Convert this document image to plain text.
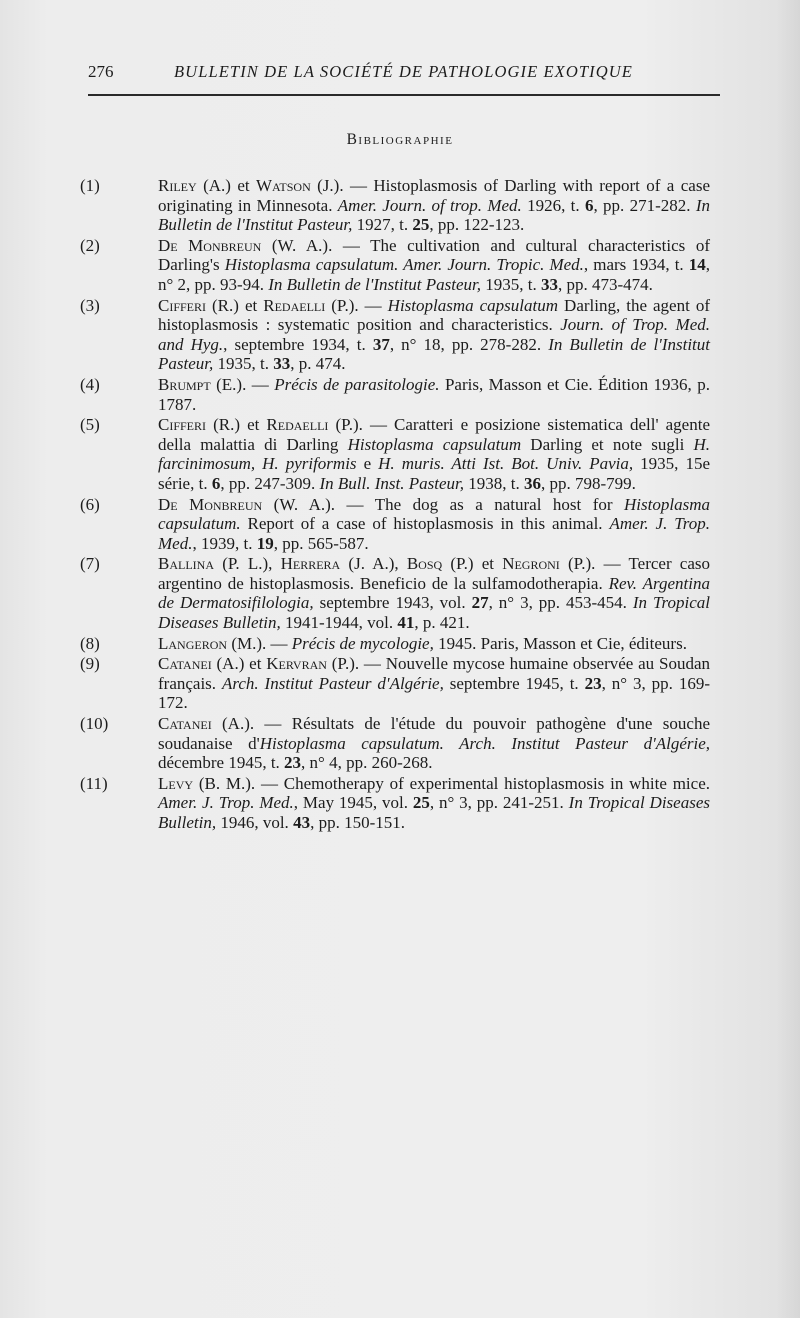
276	BULLETIN DE LA SOCIÉTÉ DE PATHOLOGIE EXOTIQUE
Bibliographie
(1)	Riley (A.) et Watson (J.). — Histoplasmosis of Darling with report of a case originating in Minnesota. Amer. Journ. of trop. Med. 1926, t. 6, pp. 271-282. In Bulletin de l'Institut Pasteur, 1927, t. 25, pp. 122-123.
(2)	De Monbreun (W. A.). — The cultivation and cultural characteristics of Darling's Histoplasma capsulatum. Amer. Journ. Tropic. Med., mars 1934, t. 14, n° 2, pp. 93-94. In Bulletin de l'Institut Pasteur, 1935, t. 33, pp. 473-474.
(3)	Cifferi (R.) et Redaelli (P.). — Histoplasma capsulatum Darling, the agent of histoplasmosis : systematic position and characteristics. Journ. of Trop. Med. and Hyg., septembre 1934, t. 37, n° 18, pp. 278-282. In Bulletin de l'Institut Pasteur, 1935, t. 33, p. 474.
(4)	Brumpt (E.). — Précis de parasitologie. Paris, Masson et Cie. Édition 1936, p. 1787.
(5)	Cifferi (R.) et Redaelli (P.). — Caratteri e posizione sistematica dell' agente della malattia di Darling Histoplasma capsulatum Darling et note sugli H. farcinimosum, H. pyriformis e H. muris. Atti Ist. Bot. Univ. Pavia, 1935, 15e série, t. 6, pp. 247-309. In Bull. Inst. Pasteur, 1938, t. 36, pp. 798-799.
(6)	De Monbreun (W. A.). — The dog as a natural host for Histoplasma capsulatum. Report of a case of histoplasmosis in this animal. Amer. J. Trop. Med., 1939, t. 19, pp. 565-587.
(7)	Ballina (P. L.), Herrera (J. A.), Bosq (P.) et Negroni (P.). — Tercer caso argentino de histoplasmosis. Beneficio de la sulfamodotherapia. Rev. Argentina de Dermatosifilologia, septembre 1943, vol. 27, n° 3, pp. 453-454. In Tropical Diseases Bulletin, 1941-1944, vol. 41, p. 421.
(8)	Langeron (M.). — Précis de mycologie, 1945. Paris, Masson et Cie, éditeurs.
(9)	Catanei (A.) et Kervran (P.). — Nouvelle mycose humaine observée au Soudan français. Arch. Institut Pasteur d'Algérie, septembre 1945, t. 23, n° 3, pp. 169-172.
(10)	Catanei (A.). — Résultats de l'étude du pouvoir pathogène d'une souche soudanaise d'Histoplasma capsulatum. Arch. Institut Pasteur d'Algérie, décembre 1945, t. 23, n° 4, pp. 260-268.
(11)	Levy (B. M.). — Chemotherapy of experimental histoplasmosis in white mice. Amer. J. Trop. Med., May 1945, vol. 25, n° 3, pp. 241-251. In Tropical Diseases Bulletin, 1946, vol. 43, pp. 150-151.
